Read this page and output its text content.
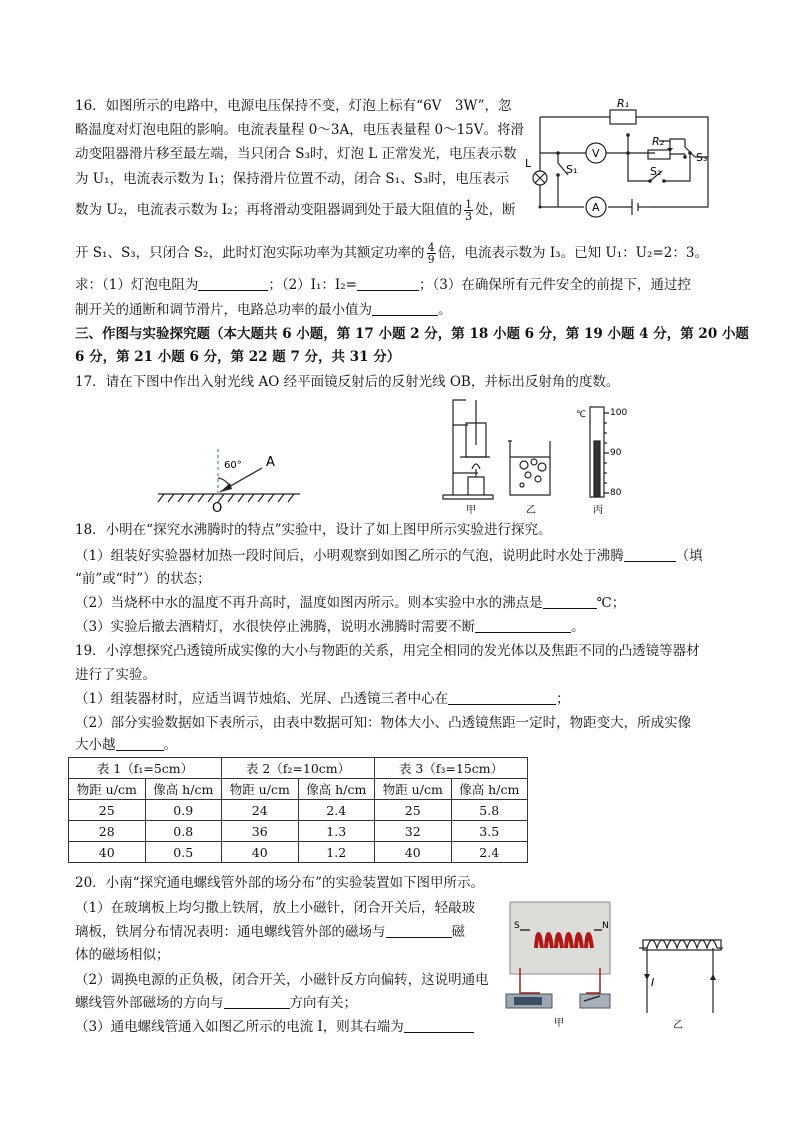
16．如图所示的电路中，电源电压保持不变，灯泡上标有“6V　3W”，忽
略温度对灯泡电阻的影响。电流表量程 0～3A，电压表量程 0～15V。将滑
动变阻器滑片移至最左端，当只闭合 S₃时，灯泡 L 正常发光，电压表示数
为 U₁，电流表示数为 I₁；保持滑片位置不动，闭合 S₁、S₃时，电压表示
数为 U₂，电流表示数为 I₂；再将滑动变阻器调到处于最大阻值的 $\frac{1}{3}$ 处，断
开 S₁、S₃，只闭合 S₂，此时灯泡实际功率为其额定功率的 $\frac{4}{9}$ 倍，电流表示数为 I₃。已知 U₁：U₂=2：3。
求：（1）灯泡电阻为	；（2）I₁：I₂=	；（3）在确保所有元件安全的前提下，通过控
制开关的通断和调节滑片，电路总功率的最小值为	。
R₁
R₂
S₃
S₁	S₂
L
V
A
三、作图与实验探究题（本大题共 6 小题，第 17 小题 2 分，第 18 小题 6 分，第 19 小题 4 分，第 20 小题
6 分，第 21 小题 6 分，第 22 题 7 分，共 31 分）
17．请在下图中作出入射光线 AO 经平面镜反射后的反射光线 OB，并标出反射角的度数。
60° A
O
100
90
80
℃
甲	乙	丙
18．小明在“探究水沸腾时的特点”实验中，设计了如上图甲所示实验进行探究。
（1）组装好实验器材加热一段时间后，小明观察到如图乙所示的气泡，说明此时水处于沸腾	（填
“前”或“时”）的状态；
（2）当烧杯中水的温度不再升高时，温度如图丙所示。则本实验中水的沸点是	℃；
（3）实验后撤去酒精灯，水很快停止沸腾，说明水沸腾时需要不断	。
19．小淳想探究凸透镜所成实像的大小与物距的关系，用完全相同的发光体以及焦距不同的凸透镜等器材
进行了实验。
（1）组装器材时，应适当调节烛焰、光屏、凸透镜三者中心在	；
（2）部分实验数据如下表所示，由表中数据可知：物体大小、凸透镜焦距一定时，物距变大，所成实像
大小越	。
表 1（f₁=5cm）		表 2（f₂=10cm）		表 3（f₃=15cm）	
物距 u/cm	像高 h/cm	物距 u/cm	像高 h/cm	物距 u/cm	像高 h/cm
25	0.9	24	2.4	25	5.8
28	0.8	36	1.3	32	3.5
40	0.5	40	1.2	40	2.4
20．小南“探究通电螺线管外部的场分布”的实验装置如下图甲所示。
（1）在玻璃板上均匀撒上铁屑，放上小磁针，闭合开关后，轻敲玻
璃板，铁屑分布情况表明：通电螺线管外部的磁场与	磁
体的磁场相似；
（2）调换电源的正负极，闭合开关，小磁针反方向偏转，这说明通电
螺线管外部磁场的方向与	方向有关；
（3）通电螺线管通入如图乙所示的电流 I，则其右端为
S	N
甲
I
乙
